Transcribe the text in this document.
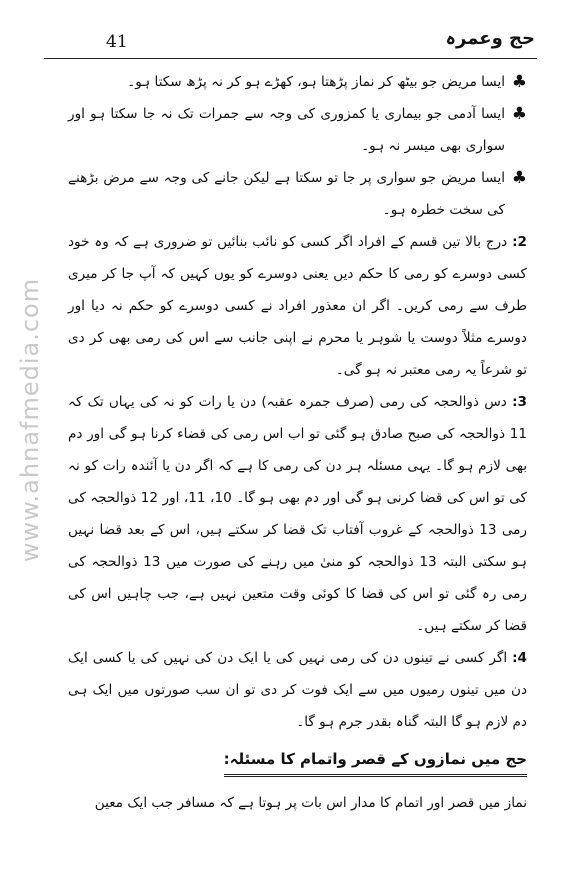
41	حج وعمرہ
www.ahnafmedia.com

♣
ایسا مریض جو بیٹھ کر نماز پڑھتا ہو، کھڑے ہو کر نہ پڑھ سکتا ہو۔

♣
ایسا آدمی جو بیماری یا کمزوری کی وجہ سے جمرات تک نہ جا سکتا ہو اور سواری بھی میسر نہ ہو۔

♣
ایسا مریض جو سواری پر جا تو سکتا ہے لیکن جانے کی وجہ سے مرض بڑھنے کی سخت خطرہ ہو۔

2: درج بالا تین قسم کے افراد اگر کسی کو نائب بنائیں تو ضروری ہے کہ وہ خود کسی دوسرے کو رمی کا حکم دیں یعنی دوسرے کو یوں کہیں کہ آپ جا کر میری طرف سے رمی کریں۔ اگر ان معذور افراد نے کسی دوسرے کو حکم نہ دیا اور دوسرے مثلاً دوست یا شوہر یا محرم نے اپنی جانب سے اس کی رمی بھی کر دی تو شرعاً یہ رمی معتبر نہ ہو گی۔

3: دس ذوالحجہ کی رمی (صرف جمرہ عقبہ) دن یا رات کو نہ کی یہاں تک کہ 11 ذوالحجہ کی صبح صادق ہو گئی تو اب اس رمی کی قضاء کرنا ہو گی اور دم بھی لازم ہو گا۔ یہی مسئلہ ہر دن کی رمی کا ہے کہ اگر دن یا آئندہ رات کو نہ کی تو اس کی قضا کرنی ہو گی اور دم بھی ہو گا۔ 10، 11، اور 12 ذوالحجہ کی رمی 13 ذوالحجہ کے غروب آفتاب تک قضا کر سکتے ہیں، اس کے بعد قضا نہیں ہو سکتی البتہ 13 ذوالحجہ کو منیٰ میں رہنے کی صورت میں 13 ذوالحجہ کی رمی رہ گئی تو اس کی قضا کا کوئی وقت متعین نہیں ہے، جب چاہیں اس کی قضا کر سکتے ہیں۔

4: اگر کسی نے تینوں دن کی رمی نہیں کی یا ایک دن کی نہیں کی یا کسی ایک دن میں تینوں رمیوں میں سے ایک فوت کر دی تو ان سب صورتوں میں ایک ہی دم لازم ہو گا البتہ گناہ بقدر جرم ہو گا۔

حج میں نمازوں کے قصر واتمام کا مسئلہ:

نماز میں قصر اور اتمام کا مدار اس بات پر ہوتا ہے کہ مسافر جب ایک معین
